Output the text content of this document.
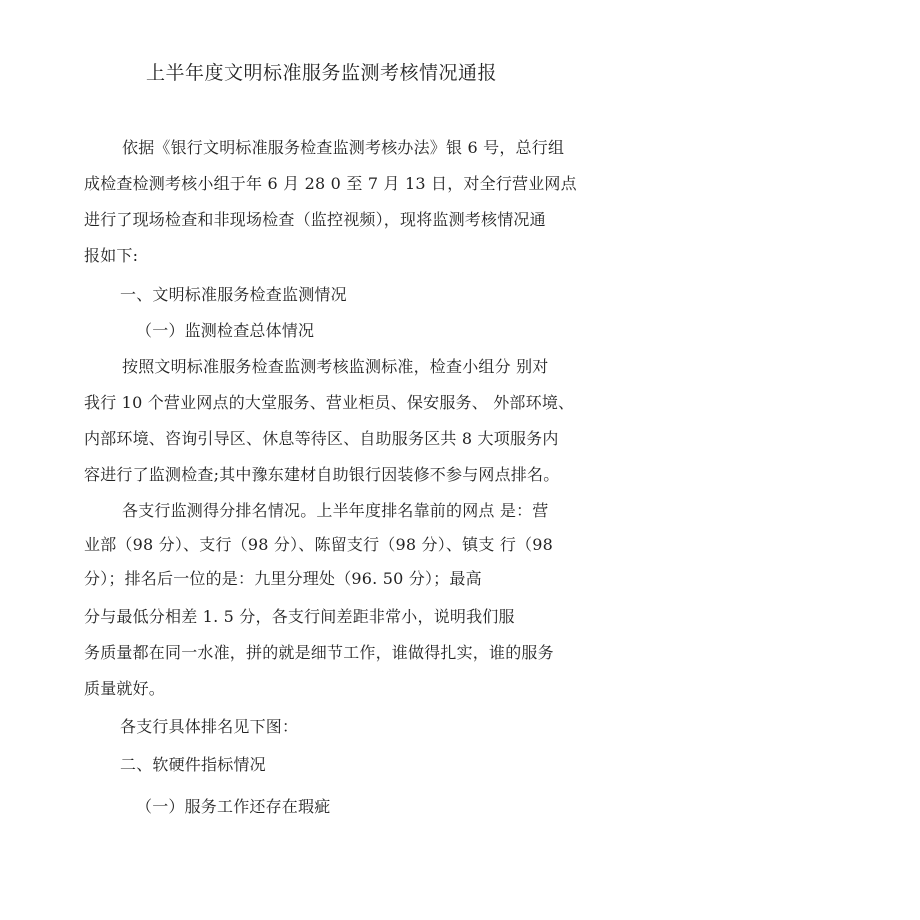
上半年度文明标准服务监测考核情况通报
依据《银行文明标准服务检查监测考核办法》银 6 号，总行组
成检查检测考核小组于年 6 月 28 0 至 7 月 13 日，对全行营业网点
进行了现场检查和非现场检查（监控视频），现将监测考核情况通
报如下:
一、文明标准服务检查监测情况
（一）监测检查总体情况
按照文明标准服务检查监测考核监测标准，检查小组分 别对
我行 10 个营业网点的大堂服务、营业柜员、保安服务、 外部环境、
内部环境、咨询引导区、休息等待区、自助服务区共 8 大项服务内
容进行了监测检查;其中豫东建材自助银行因装修不参与网点排名。
各支行监测得分排名情况。上半年度排名靠前的网点 是：营
业部（98 分）、支行（98 分）、陈留支行（98 分）、镇支 行（98
分）；排名后一位的是：九里分理处（96. 50 分）；最高
分与最低分相差 1. 5 分，各支行间差距非常小，说明我们服
务质量都在同一水准，拼的就是细节工作，谁做得扎实，谁的服务
质量就好。
各支行具体排名见下图：
二、软硬件指标情况
（一）服务工作还存在瑕疵
